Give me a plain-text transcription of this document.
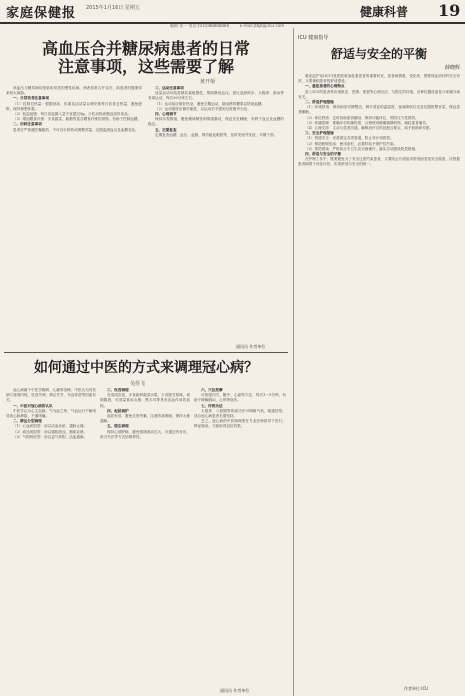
家庭保健报 2015年1月16日 星期五	健康科普 19
编辑 张一 电话:(010)88888888	E-mail:jtbjb@163.com
高血压合并糖尿病患者的日常
注意事项，这些需要了解
黄开菊

高血压与糖尿病均是临床常见的慢性疾病，两者常常合并存在，给患者的健康带来较大威胁。

一、日常饮食注意事项

（1）控制总热量：根据身高、体重及活动量合理安排每日饮食总热量，避免肥胖，保持理想体重。

（2）低盐低脂：每日食盐摄入量不宜超过5g，少吃动物油脂及油炸食品。

（3）增加膳食纤维：多食蔬菜、粗粮等富含膳食纤维的食物，有助于控制血糖。

二、用药注意事项

患者应严格遵医嘱服药，不可自行停药或调整剂量，定期监测血压及血糖变化。

三、运动注意事项

适量运动可改善胰岛素敏感性，帮助降低血压。建议选择散步、太极拳、游泳等有氧运动，每次30分钟左右。

（1）运动前应做好热身，避免空腹运动，随身携带糖果以防低血糖。

（2）运动强度应循序渐进，以运动后不感到过度疲劳为宜。

四、心理调节

保持乐观情绪，避免精神紧张和情绪激动，保证充足睡眠，有利于血压及血糖的稳定。

五、定期复查

定期复查血糖、血压、血脂、肾功能及眼底等，及时发现并发症，早期干预。

通讯员 作者单位
如何通过中医的方式来调理冠心病？
吴佳飞

冠心病属于中医学胸痹、心痛等范畴，中医认为其发病与寒邪内侵、饮食失调、情志失节、年迈体虚等因素有关。

一、中医对冠心病的认识

中医学认为心主血脉，气为血之帅，气血运行不畅则导致心脉痹阻，不通则痛。

二、辨证分型调理

（1）心血瘀阻型：治以活血化瘀、通脉止痛。

（2）痰浊闭阻型：治以通阳泄浊、豁痰宣痹。

（3）气阴两虚型：治以益气养阴、活血通脉。

三、饮食调理

宜清淡饮食，多食新鲜蔬菜水果，少食肥甘厚味，戒烟限酒，可适量食用山楂、黑木耳等具有活血作用的食物。

四、起居调护

起居有常，避免过度劳累，注意防寒保暖，保持大便通畅。

五、情志调理

保持心情舒畅，避免情绪波动过大，可通过听音乐、练习书法等方式怡情养性。

六、穴位按摩

可按揉内关、膻中、心俞等穴位，每次3～5分钟，有助于缓解胸闷、心悸等症状。

七、传统功法

太极拳、八段锦等传统功法可调畅气机、疏通经络，适合冠心病患者长期坚持。

总之，冠心病的中医调理需在专业医师指导下进行，辨证施治，方能取得良好效果。

通讯员 作者单位
ICU 健康指导
舒适与安全的平衡
薛晓辉

重症监护室(ICU)是医院收治危重患者的重要科室，患者病情重、变化快，既要保证治疗的安全有效，又要兼顾患者的舒适感受。

一、重症患者的心理特点

进入ICU的患者常出现焦虑、恐惧、孤独等心理反应，与陌生的环境、各种仪器设备及与家属分离有关。

二、舒适护理措施

（1）环境舒适：保持病室安静整洁，调节适宜的温湿度，夜间降低灯光及仪器报警音量，保证患者睡眠。

（2）体位舒适：定时协助患者翻身，保持功能体位，预防压力性损伤。

（3）疼痛管理：准确评估疼痛程度，合理使用镇痛镇静药物，减轻患者痛苦。

（4）心理支持：主动与患者沟通，解释治疗目的及配合要点，给予鼓励和安慰。

三、安全护理措施

（1）管道安全：妥善固定各类管道，防止非计划拔管。

（2）预防跌倒坠床：使用床栏，必要时给予保护性约束。

（3）预防感染：严格执行手卫生及无菌操作，落实各项感染防控措施。

四、舒适与安全的平衡

在护理工作中，既要避免为了安全过度约束患者，又要防止片面追求舒适而忽视安全隐患，应根据患者病情个体化评估，实现舒适与安全的统一。

作者单位 ICU
